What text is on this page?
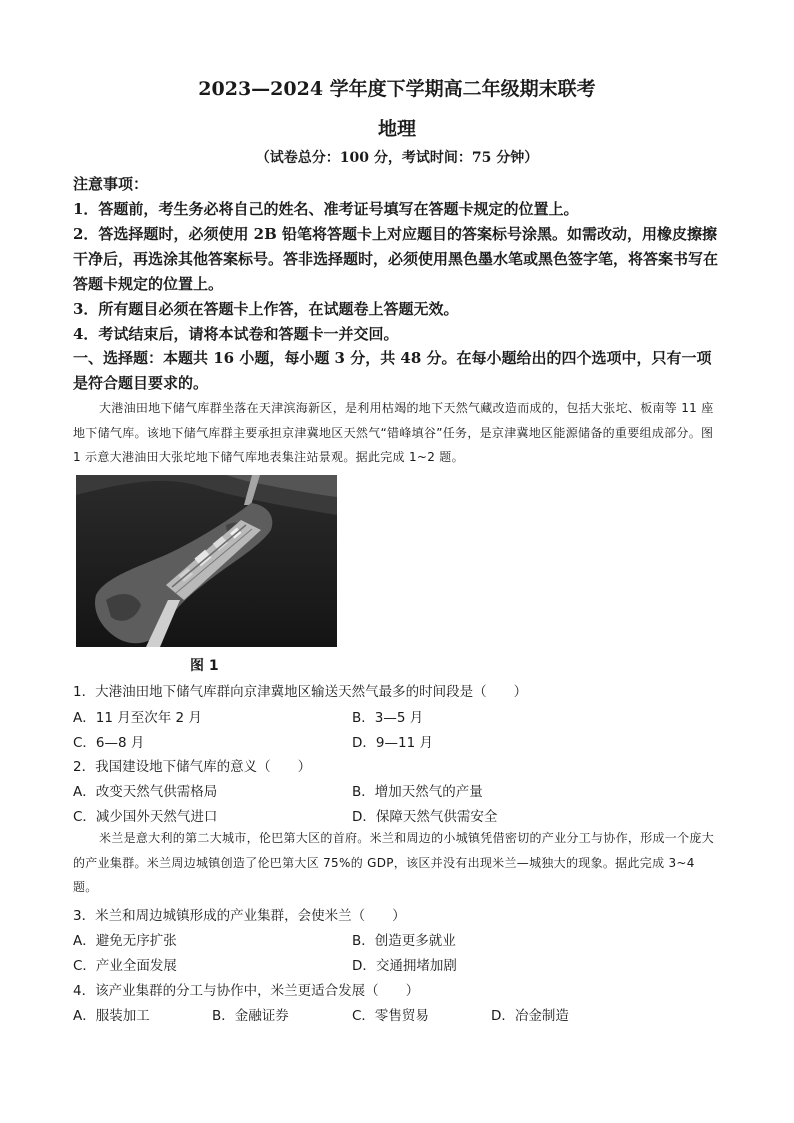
2023—2024 学年度下学期高二年级期末联考
地理
（试卷总分：100 分，考试时间：75 分钟）

注意事项：

1．答题前，考生务必将自己的姓名、准考证号填写在答题卡规定的位置上。

2．答选择题时，必须使用 2B 铅笔将答题卡上对应题目的答案标号涂黑。如需改动，用橡皮擦擦干净后，再选涂其他答案标号。答非选择题时，必须使用黑色墨水笔或黑色签字笔，将答案书写在答题卡规定的位置上。

3．所有题目必须在答题卡上作答，在试题卷上答题无效。

4．考试结束后，请将本试卷和答题卡一并交回。

一、选择题：本题共 16 小题，每小题 3 分，共 48 分。在每小题给出的四个选项中，只有一项是符合题目要求的。

大港油田地下储气库群坐落在天津滨海新区，是利用枯竭的地下天然气藏改造而成的，包括大张坨、板南等 11 座地下储气库。该地下储气库群主要承担京津冀地区天然气“错峰填谷”任务，是京津冀地区能源储备的重要组成部分。图 1 示意大港油田大张坨地下储气库地表集注站景观。据此完成 1~2 题。

图 1
1．大港油田地下储气库群向京津冀地区输送天然气最多的时间段是（　　）
A．11 月至次年 2 月	B．3—5 月
C．6—8 月	D．9—11 月
2．我国建设地下储气库的意义（　　）
A．改变天然气供需格局	B．增加天然气的产量
C．减少国外天然气进口	D．保障天然气供需安全

米兰是意大利的第二大城市，伦巴第大区的首府。米兰和周边的小城镇凭借密切的产业分工与协作，形成一个庞大的产业集群。米兰周边城镇创造了伦巴第大区 75%的 GDP，该区并没有出现米兰—城独大的现象。据此完成 3~4 题。

3．米兰和周边城镇形成的产业集群，会使米兰（　　）
A．避免无序扩张	B．创造更多就业
C．产业全面发展	D．交通拥堵加剧
4．该产业集群的分工与协作中，米兰更适合发展（　　）
A．服装加工	B．金融证券	C．零售贸易	D．冶金制造
